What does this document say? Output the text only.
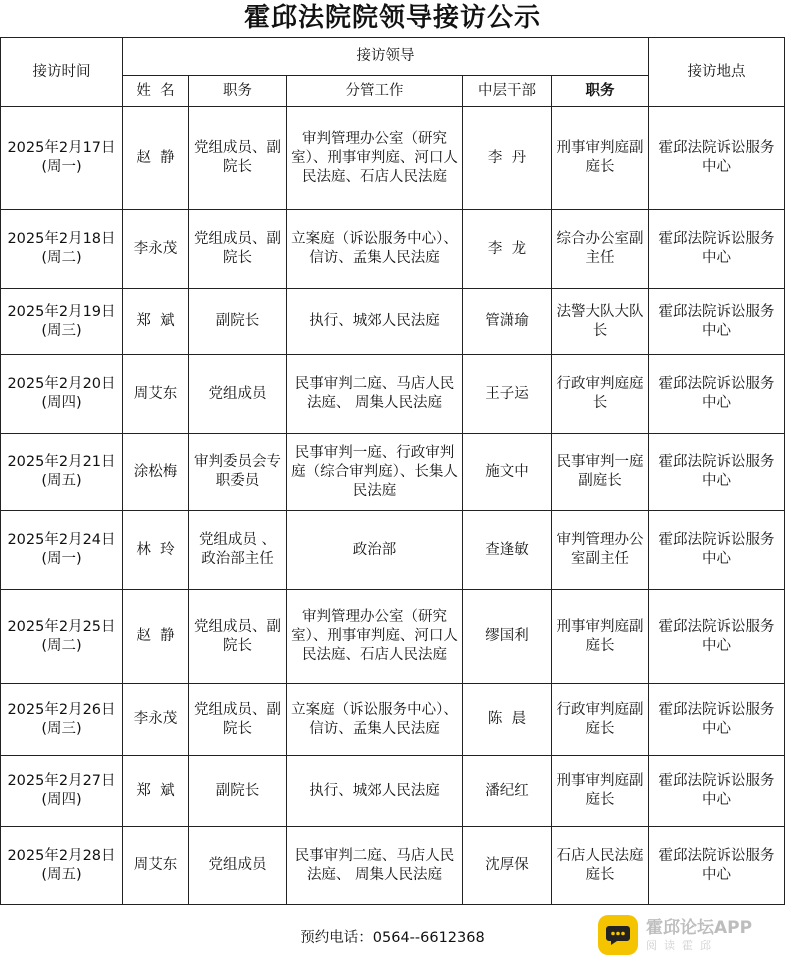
霍邱法院院领导接访公示
接访时间	接访领导					接访地点
	姓  名	职务	分管工作	中层干部	职务	

2025年2月17日
(周一)	赵  静	党组成员、副院长	审判管理办公室（研究室）、刑事审判庭、河口人民法庭、石店人民法庭	李  丹	刑事审判庭副庭长	霍邱法院诉讼服务中心

2025年2月18日
(周二)	李永茂	党组成员、副院长	立案庭（诉讼服务中心）、信访、孟集人民法庭	李  龙	综合办公室副主任	霍邱法院诉讼服务中心

2025年2月19日
(周三)	郑  斌	副院长	执行、城郊人民法庭	管潇瑜	法警大队大队长	霍邱法院诉讼服务中心

2025年2月20日
(周四)	周艾东	党组成员	民事审判二庭、马店人民法庭、 周集人民法庭	王子运	行政审判庭庭长	霍邱法院诉讼服务中心

2025年2月21日
(周五)	涂松梅	审判委员会专职委员	民事审判一庭、行政审判庭（综合审判庭）、长集人民法庭	施文中	民事审判一庭副庭长	霍邱法院诉讼服务中心

2025年2月24日
(周一)	林  玲	党组成员 、政治部主任	政治部	查逢敏	审判管理办公室副主任	霍邱法院诉讼服务中心

2025年2月25日
(周二)	赵  静	党组成员、副院长	审判管理办公室（研究室）、刑事审判庭、河口人民法庭、石店人民法庭	缪国利	刑事审判庭副庭长	霍邱法院诉讼服务中心

2025年2月26日
(周三)	李永茂	党组成员、副院长	立案庭（诉讼服务中心）、信访、孟集人民法庭	陈  晨	行政审判庭副庭长	霍邱法院诉讼服务中心

2025年2月27日
(周四)	郑  斌	副院长	执行、城郊人民法庭	潘纪红	刑事审判庭副庭长	霍邱法院诉讼服务中心

2025年2月28日
(周五)	周艾东	党组成员	民事审判二庭、马店人民法庭、 周集人民法庭	沈厚保	石店人民法庭庭长	霍邱法院诉讼服务中心
预约电话：0564--6612368
霍邱论坛APP
阅读霍邱
